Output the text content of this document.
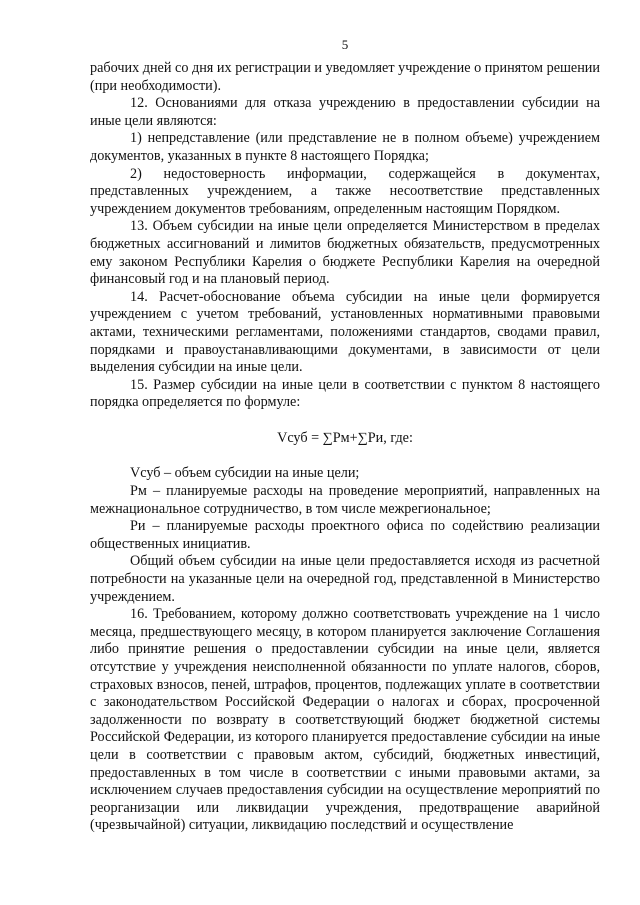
5

рабочих дней со дня их регистрации и уведомляет учреждение о принятом решении (при необходимости).

12. Основаниями для отказа учреждению в предоставлении субсидии на иные цели являются:

1) непредставление (или представление не в полном объеме) учреждением документов, указанных в пункте 8 настоящего Порядка;

2) недостоверность информации, содержащейся в документах, представленных учреждением, а также несоответствие представленных учреждением документов требованиям, определенным настоящим Порядком.

13. Объем субсидии на иные цели определяется Министерством в пределах бюджетных ассигнований и лимитов бюджетных обязательств, предусмотренных ему законом Республики Карелия о бюджете Республики Карелия на очередной финансовый год и на плановый период.

14. Расчет-обоснование объема субсидии на иные цели формируется учреждением с учетом требований, установленных нормативными правовыми актами, техническими регламентами, положениями стандартов, сводами правил, порядками и правоустанавливающими документами, в зависимости от цели выделения субсидии на иные цели.

15. Размер субсидии на иные цели в соответствии с пунктом 8 настоящего порядка определяется по формуле:

Vсуб = ∑Pм+∑Pи, где:

Vсуб – объем субсидии на иные цели;

Pм – планируемые расходы на проведение мероприятий, направленных на межнациональное сотрудничество, в том числе межрегиональное;

Pи – планируемые расходы проектного офиса по содействию реализации общественных инициатив.

Общий объем субсидии на иные цели предоставляется исходя из расчетной потребности на указанные цели на очередной год, представленной в Министерство учреждением.

16. Требованием, которому должно соответствовать учреждение на 1 число месяца, предшествующего месяцу, в котором планируется заключение Соглашения либо принятие решения о предоставлении субсидии на иные цели, является отсутствие у учреждения неисполненной обязанности по уплате налогов, сборов, страховых взносов, пеней, штрафов, процентов, подлежащих уплате в соответствии с законодательством Российской Федерации о налогах и сборах, просроченной задолженности по возврату в соответствующий бюджет бюджетной системы Российской Федерации, из которого планируется предоставление субсидии на иные цели в соответствии с правовым актом, субсидий, бюджетных инвестиций, предоставленных в том числе в соответствии с иными правовыми актами, за исключением случаев предоставления субсидии на осуществление мероприятий по реорганизации или ликвидации учреждения, предотвращение аварийной (чрезвычайной) ситуации, ликвидацию последствий и осуществление
